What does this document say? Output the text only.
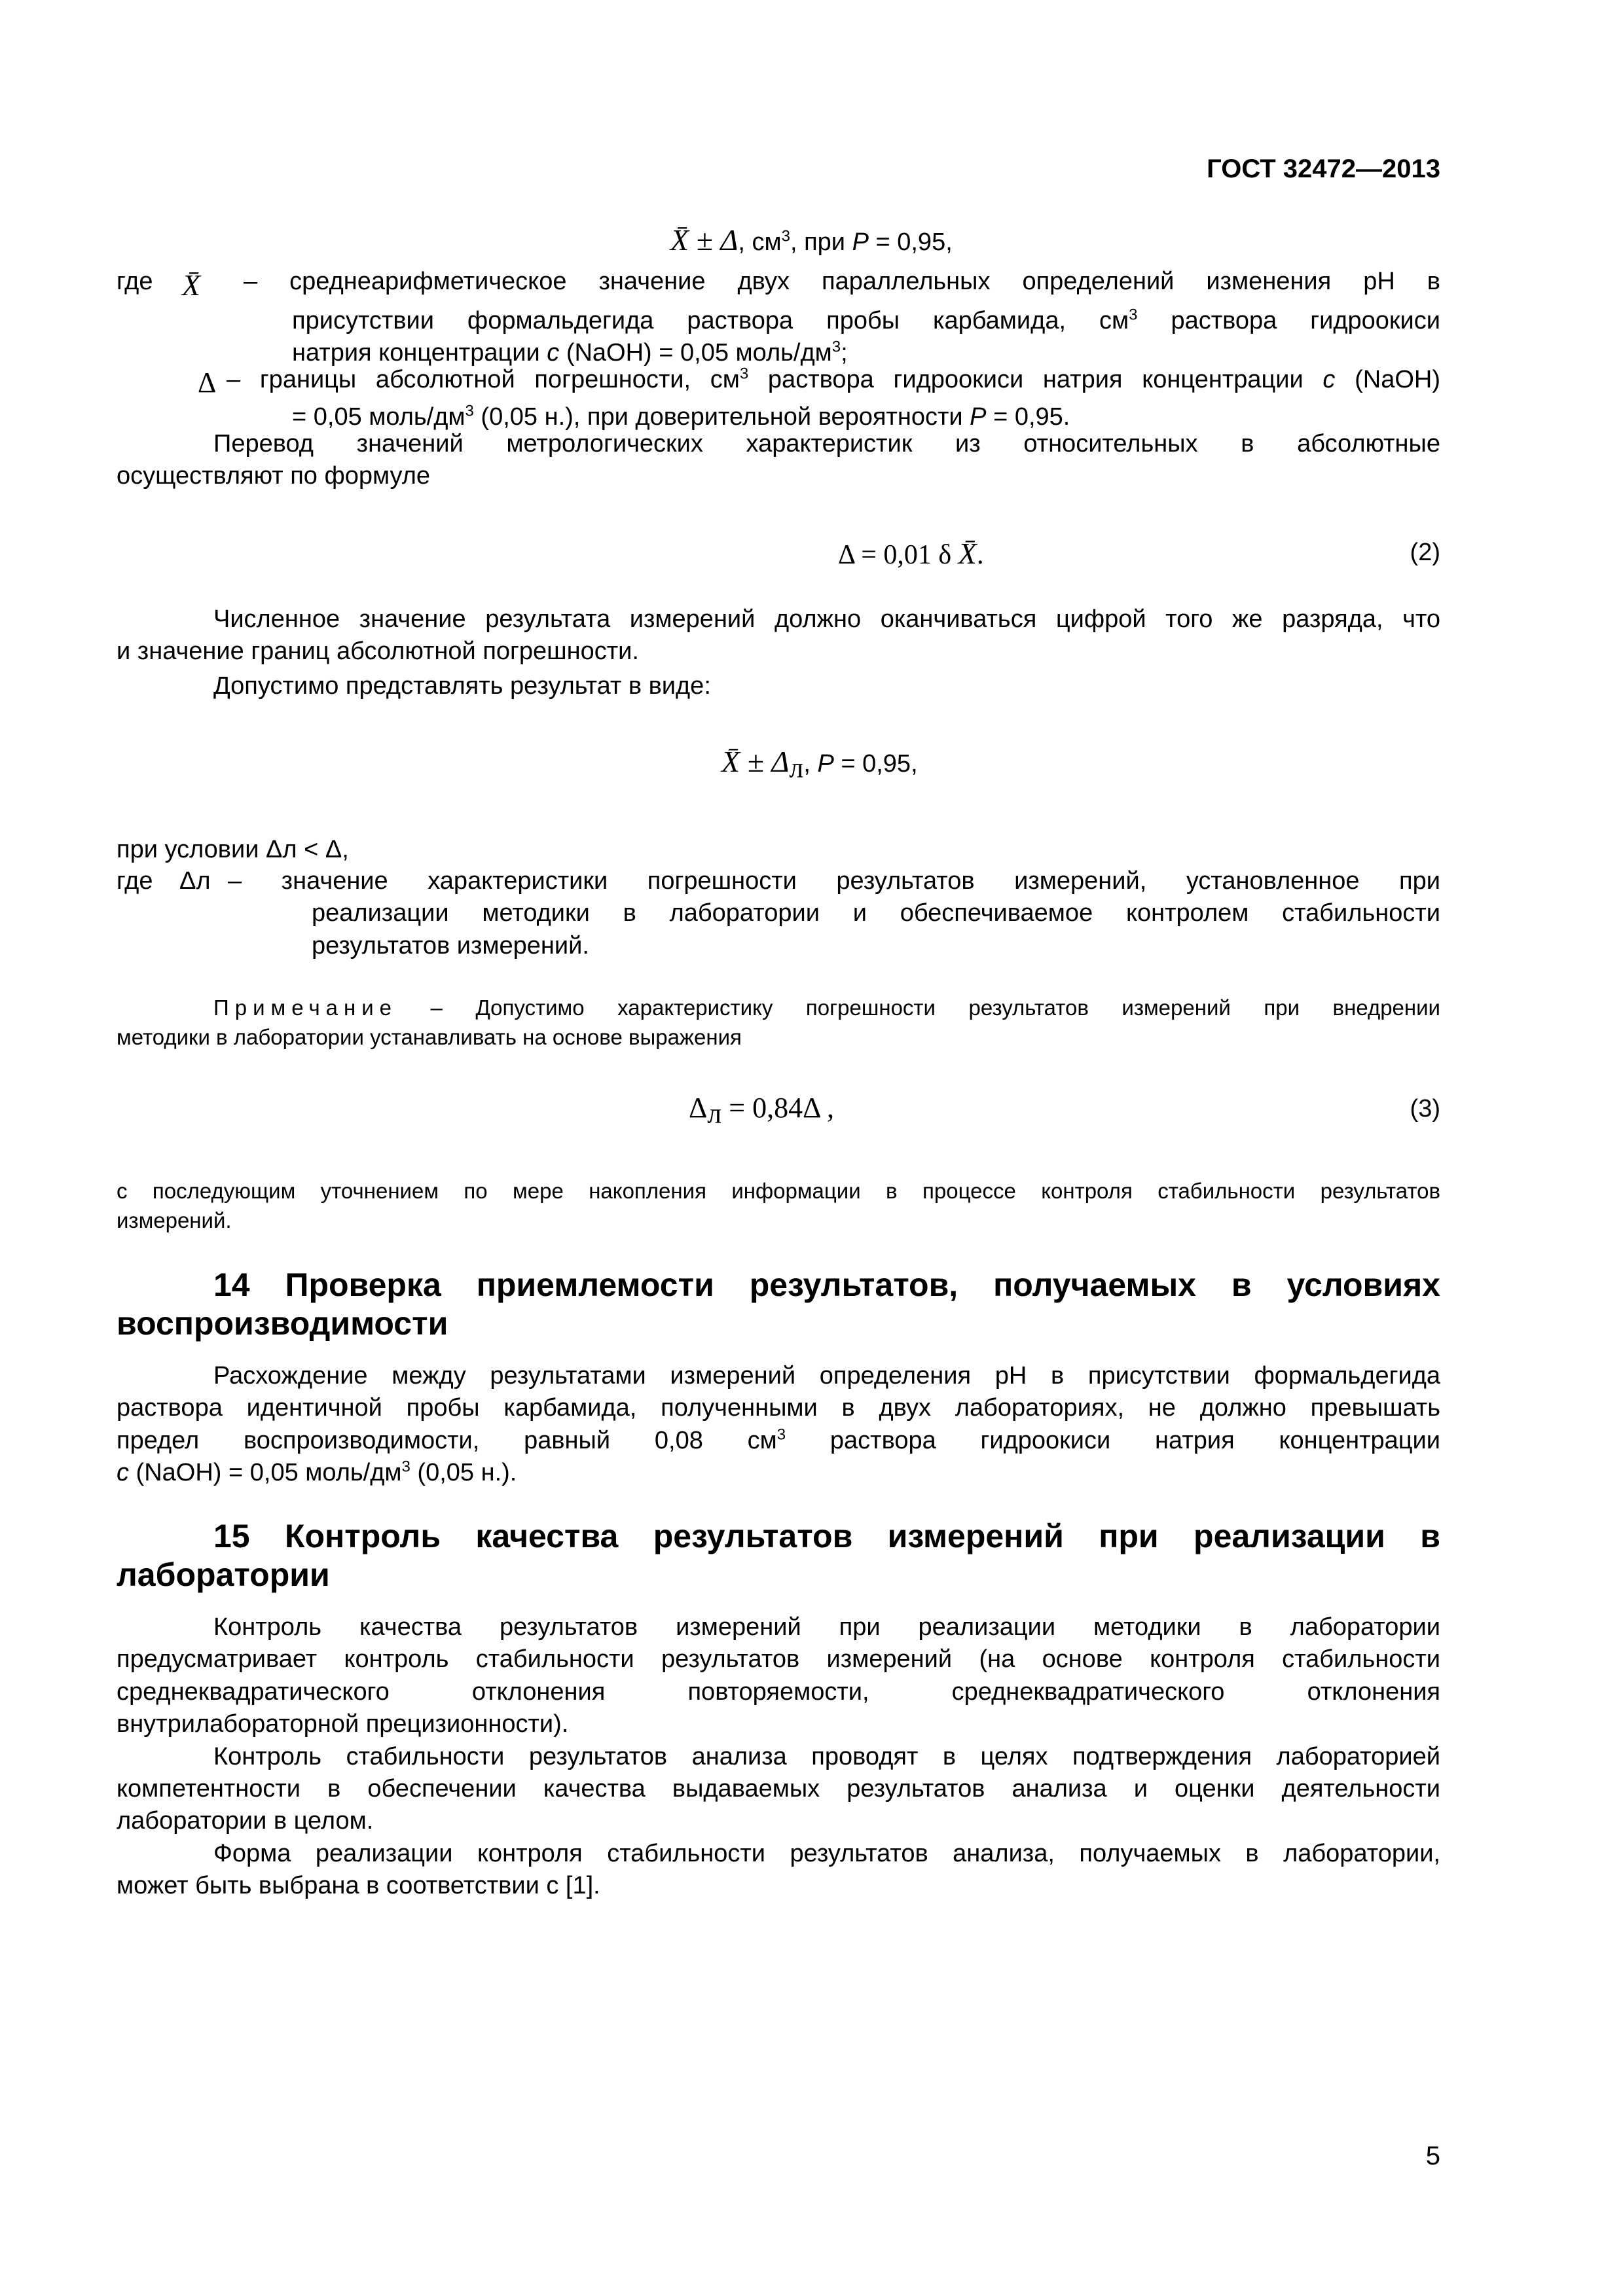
ГОСТ 32472—2013
X̄ ± Δ, $см^3$, при P = 0,95,
где X̄	– среднеарифметическое значение двух параллельных определений изменения рН в
присутствии формальдегида раствора пробы карбамида, $см^3$ раствора гидроокиси
натрия концентрации с (NaOH) = 0,05 моль/$дм^3$;
Δ – границы абсолютной погрешности, $см^3$ раствора гидроокиси натрия концентрации с (NaOH)
= 0,05 моль/$дм^3$ (0,05 н.), при доверительной вероятности P = 0,95.
Перевод значений метрологических характеристик из относительных в абсолютные
осуществляют по формуле
Δ = 0,01 δ X̄.	(2)
Численное значение результата измерений должно оканчиваться цифрой того же разряда, что
и значение границ абсолютной погрешности.
Допустимо представлять результат в виде:
X̄ ± $\Delta_л$, P = 0,95,
при условии Δл < Δ,
где	Δл – значение характеристики погрешности результатов измерений, установленное при
реализации методики в лаборатории и обеспечиваемое контролем стабильности
результатов измерений.
Примечание – Допустимо характеристику погрешности результатов измерений при внедрении
методики в лаборатории устанавливать на основе выражения
$\Delta_л = 0,84\Delta$ ,	(3)
с последующим уточнением по мере накопления информации в процессе контроля стабильности результатов
измерений.
14 Проверка приемлемости результатов, получаемых в условиях
воспроизводимости
Расхождение между результатами измерений определения рН в присутствии формальдегида
раствора идентичной пробы карбамида, полученными в двух лабораториях, не должно превышать
предел воспроизводимости, равный 0,08 $см^3$ раствора гидроокиси натрия концентрации
с (NaOH) = 0,05 моль/$дм^3$ (0,05 н.).
15 Контроль качества результатов измерений при реализации в
лаборатории
Контроль качества результатов измерений при реализации методики в лаборатории
предусматривает контроль стабильности результатов измерений (на основе контроля стабильности
среднеквадратического отклонения повторяемости, среднеквадратического отклонения
внутрилабораторной прецизионности).
Контроль стабильности результатов анализа проводят в целях подтверждения лабораторией
компетентности в обеспечении качества выдаваемых результатов анализа и оценки деятельности
лаборатории в целом.
Форма реализации контроля стабильности результатов анализа, получаемых в лаборатории,
может быть выбрана в соответствии с [1].
5
